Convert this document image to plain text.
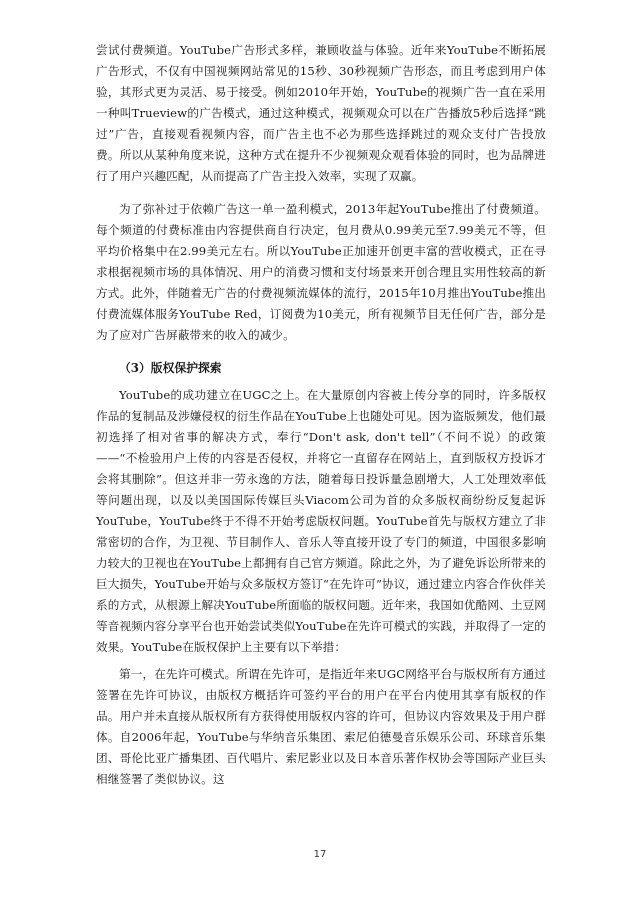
尝试付费频道。YouTube广告形式多样，兼顾收益与体验。近年来YouTube不断拓展广告形式，不仅有中国视频网站常见的15秒、30秒视频广告形态，而且考虑到用户体验，其形式更为灵活、易于接受。例如2010年开始，YouTube的视频广告一直在采用一种叫Trueview的广告模式，通过这种模式，视频观众可以在广告播放5秒后选择“跳过”广告，直接观看视频内容，而广告主也不必为那些选择跳过的观众支付广告投放费。所以从某种角度来说，这种方式在提升不少视频观众观看体验的同时，也为品牌进行了用户兴趣匹配，从而提高了广告主投入效率，实现了双赢。

为了弥补过于依赖广告这一单一盈利模式，2013年起YouTube推出了付费频道。每个频道的付费标准由内容提供商自行决定，包月费从0.99美元至7.99美元不等，但平均价格集中在2.99美元左右。所以YouTube正加速开创更丰富的营收模式，正在寻求根据视频市场的具体情况、用户的消费习惯和支付场景来开创合理且实用性较高的新方式。此外，伴随着无广告的付费视频流媒体的流行，2015年10月推出YouTube推出付费流媒体服务YouTube Red，订阅费为10美元，所有视频节目无任何广告，部分是为了应对广告屏蔽带来的收入的减少。

（3）版权保护探索

YouTube的成功建立在UGC之上。在大量原创内容被上传分享的同时，许多版权作品的复制品及涉嫌侵权的衍生作品在YouTube上也随处可见。因为盗版频发，他们最初选择了相对省事的解决方式，奉行“Don't ask, don't tell”（不问不说）的政策——“不检验用户上传的内容是否侵权，并将它一直留存在网站上，直到版权方投诉才会将其删除”。但这并非一劳永逸的方法，随着每日投诉量急剧增大，人工处理效率低等问题出现，以及以美国国际传媒巨头Viacom公司为首的众多版权商纷纷反复起诉YouTube，YouTube终于不得不开始考虑版权问题。YouTube首先与版权方建立了非常密切的合作，为卫视、节目制作人、音乐人等直接开设了专门的频道，中国很多影响力较大的卫视也在YouTube上都拥有自己官方频道。除此之外，为了避免诉讼所带来的巨大损失，YouTube开始与众多版权方签订“在先许可”协议，通过建立内容合作伙伴关系的方式，从根源上解决YouTube所面临的版权问题。近年来，我国如优酷网、土豆网等音视频内容分享平台也开始尝试类似YouTube在先许可模式的实践，并取得了一定的效果。YouTube在版权保护上主要有以下举措：

第一，在先许可模式。所谓在先许可，是指近年来UGC网络平台与版权所有方通过签署在先许可协议，由版权方概括许可签约平台的用户在平台内使用其享有版权的作品。用户并未直接从版权所有方获得使用版权内容的许可，但协议内容效果及于用户群体。自2006年起，YouTube与华纳音乐集团、索尼伯德曼音乐娱乐公司、环球音乐集团、哥伦比亚广播集团、百代唱片、索尼影业以及日本音乐著作权协会等国际产业巨头相继签署了类似协议。这

17
